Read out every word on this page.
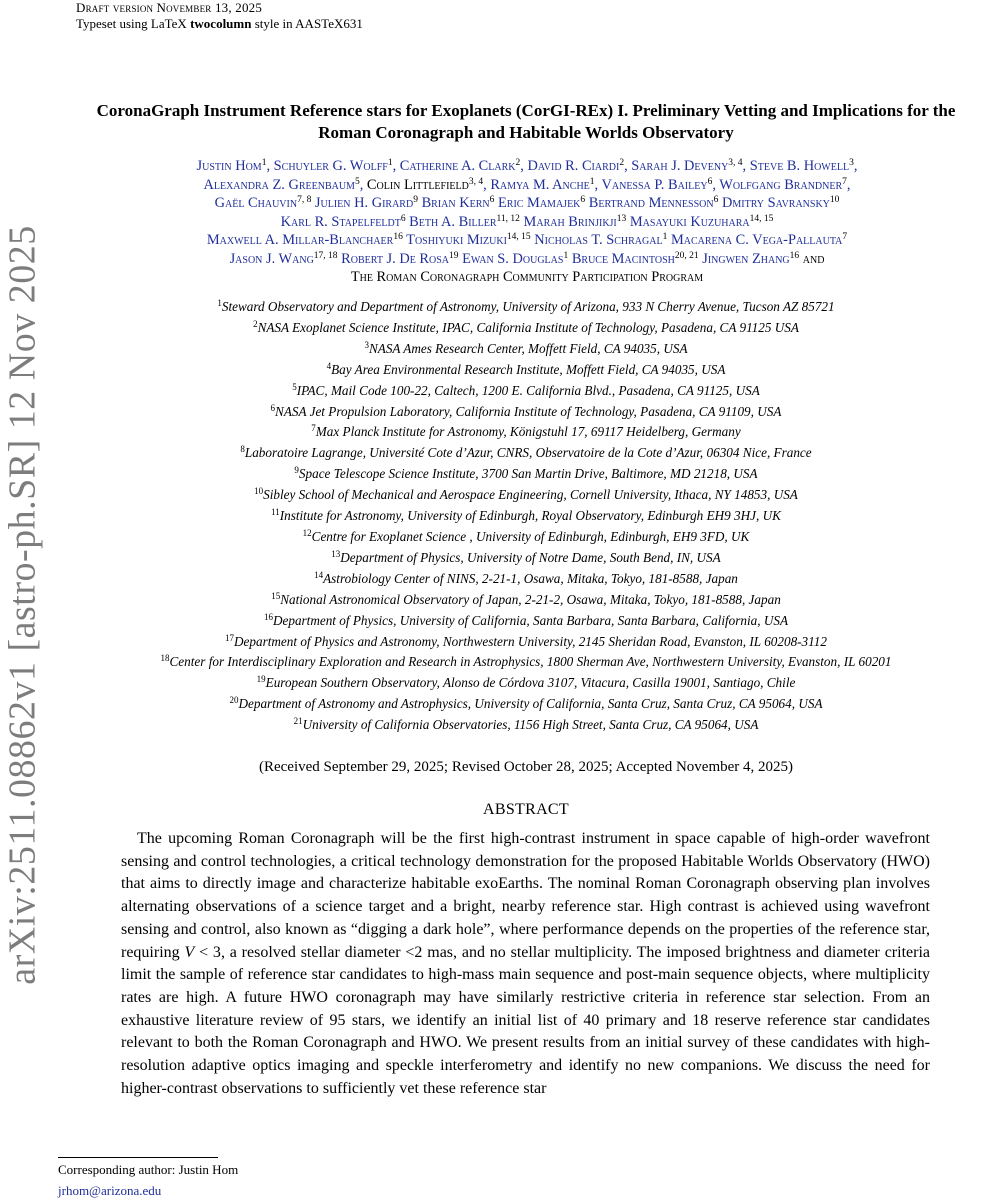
Draft version November 13, 2025
Typeset using LaTeX twocolumn style in AASTeX631
arXiv:2511.08862v1 [astro-ph.SR] 12 Nov 2025
CoronaGraph Instrument Reference stars for Exoplanets (CorGI-REx) I. Preliminary Vetting and Implications for the
Roman Coronagraph and Habitable Worlds Observatory
Justin Hom$^1$, Schuyler G. Wolff$^1$, Catherine A. Clark$^2$, David R. Ciardi$^2$, Sarah J. Deveny$^{3, 4}$, Steve B. Howell$^3$,
Alexandra Z. Greenbaum$^5$, Colin Littlefield$^{3, 4}$, Ramya M. Anche$^1$, Vanessa P. Bailey$^6$, Wolfgang Brandner$^7$,
Gaël Chauvin$^{7, 8}$ Julien H. Girard$^9$ Brian Kern$^6$ Eric Mamajek$^6$ Bertrand Mennesson$^6$ Dmitry Savransky$^{10}$
Karl R. Stapelfeldt$^6$ Beth A. Biller$^{11, 12}$ Marah Brinjikji$^{13}$ Masayuki Kuzuhara$^{14, 15}$
Maxwell A. Millar-Blanchaer$^{16}$ Toshiyuki Mizuki$^{14, 15}$ Nicholas T. Schragal$^1$ Macarena C. Vega-Pallauta$^7$
Jason J. Wang$^{17, 18}$ Robert J. De Rosa$^{19}$ Ewan S. Douglas$^1$ Bruce Macintosh$^{20, 21}$ Jingwen Zhang$^{16}$ and
The Roman Coronagraph Community Participation Program
$^1$Steward Observatory and Department of Astronomy, University of Arizona, 933 N Cherry Avenue, Tucson AZ 85721
$^2$NASA Exoplanet Science Institute, IPAC, California Institute of Technology, Pasadena, CA 91125 USA
$^3$NASA Ames Research Center, Moffett Field, CA 94035, USA
$^4$Bay Area Environmental Research Institute, Moffett Field, CA 94035, USA
$^5$IPAC, Mail Code 100-22, Caltech, 1200 E. California Blvd., Pasadena, CA 91125, USA
$^6$NASA Jet Propulsion Laboratory, California Institute of Technology, Pasadena, CA 91109, USA
$^7$Max Planck Institute for Astronomy, Königstuhl 17, 69117 Heidelberg, Germany
$^8$Laboratoire Lagrange, Université Cote d’Azur, CNRS, Observatoire de la Cote d’Azur, 06304 Nice, France
$^9$Space Telescope Science Institute, 3700 San Martin Drive, Baltimore, MD 21218, USA
$^{10}$Sibley School of Mechanical and Aerospace Engineering, Cornell University, Ithaca, NY 14853, USA
$^{11}$Institute for Astronomy, University of Edinburgh, Royal Observatory, Edinburgh EH9 3HJ, UK
$^{12}$Centre for Exoplanet Science , University of Edinburgh, Edinburgh, EH9 3FD, UK
$^{13}$Department of Physics, University of Notre Dame, South Bend, IN, USA
$^{14}$Astrobiology Center of NINS, 2-21-1, Osawa, Mitaka, Tokyo, 181-8588, Japan
$^{15}$National Astronomical Observatory of Japan, 2-21-2, Osawa, Mitaka, Tokyo, 181-8588, Japan
$^{16}$Department of Physics, University of California, Santa Barbara, Santa Barbara, California, USA
$^{17}$Department of Physics and Astronomy, Northwestern University, 2145 Sheridan Road, Evanston, IL 60208-3112
$^{18}$Center for Interdisciplinary Exploration and Research in Astrophysics, 1800 Sherman Ave, Northwestern University, Evanston, IL 60201
$^{19}$European Southern Observatory, Alonso de Córdova 3107, Vitacura, Casilla 19001, Santiago, Chile
$^{20}$Department of Astronomy and Astrophysics, University of California, Santa Cruz, Santa Cruz, CA 95064, USA
$^{21}$University of California Observatories, 1156 High Street, Santa Cruz, CA 95064, USA
(Received September 29, 2025; Revised October 28, 2025; Accepted November 4, 2025)
ABSTRACT

The upcoming Roman Coronagraph will be the first high-contrast instrument in space capable of high-order wavefront sensing and control technologies, a critical technology demonstration for the proposed Habitable Worlds Observatory (HWO) that aims to directly image and characterize habitable exoEarths. The nominal Roman Coronagraph observing plan involves alternating observations of a science target and a bright, nearby reference star. High contrast is achieved using wavefront sensing and control, also known as “digging a dark hole”, where performance depends on the properties of the reference star, requiring V < 3, a resolved stellar diameter <2 mas, and no stellar multiplicity. The imposed brightness and diameter criteria limit the sample of reference star candidates to high-mass main sequence and post-main sequence objects, where multiplicity rates are high. A future HWO coronagraph may have similarly restrictive criteria in reference star selection. From an exhaustive literature review of 95 stars, we identify an initial list of 40 primary and 18 reserve reference star candidates relevant to both the Roman Coronagraph and HWO. We present results from an initial survey of these candidates with high-resolution adaptive optics imaging and speckle interferometry and identify no new companions. We discuss the need for higher-contrast observations to sufficiently vet these reference star

Corresponding author: Justin Hom
jrhom@arizona.edu
